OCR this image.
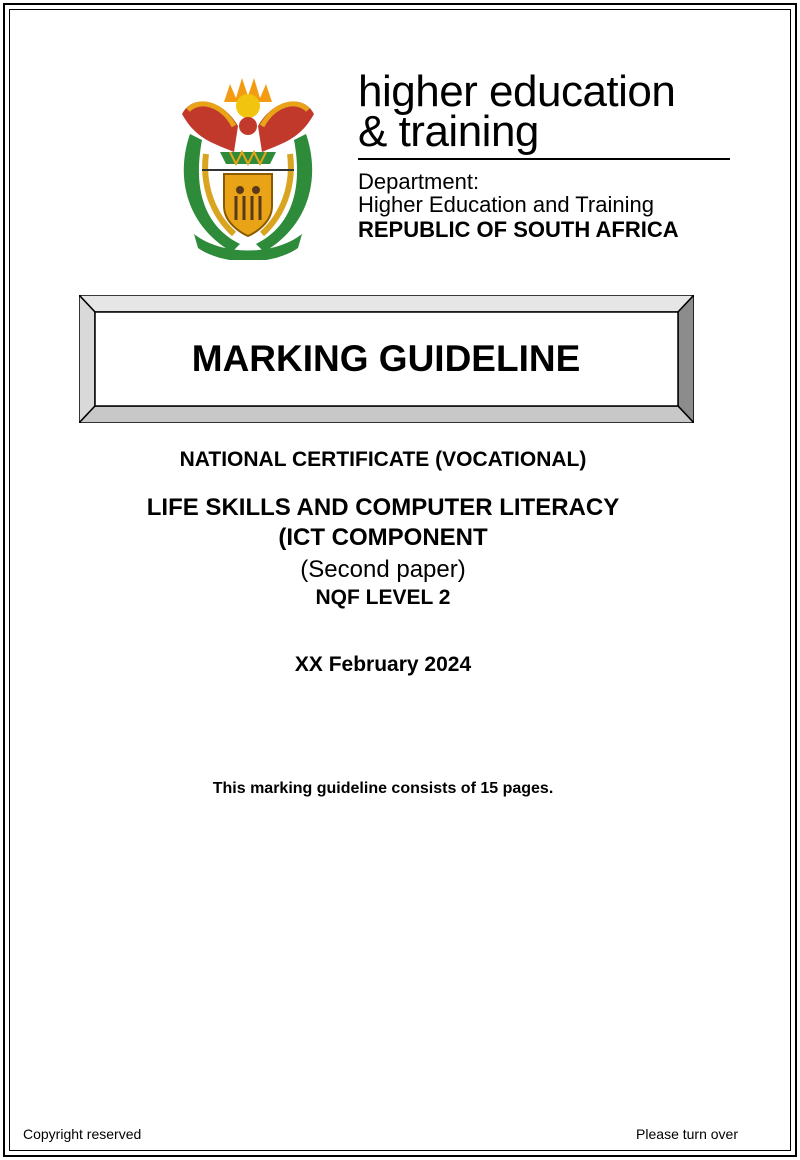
higher education
& training
Department:
Higher Education and Training
REPUBLIC OF SOUTH AFRICA
MARKING GUIDELINE
NATIONAL CERTIFICATE (VOCATIONAL)
LIFE SKILLS AND COMPUTER LITERACY
(ICT COMPONENT
(Second paper)
NQF LEVEL 2
XX February 2024
This marking guideline consists of 15 pages.
Copyright reserved	Please turn over
